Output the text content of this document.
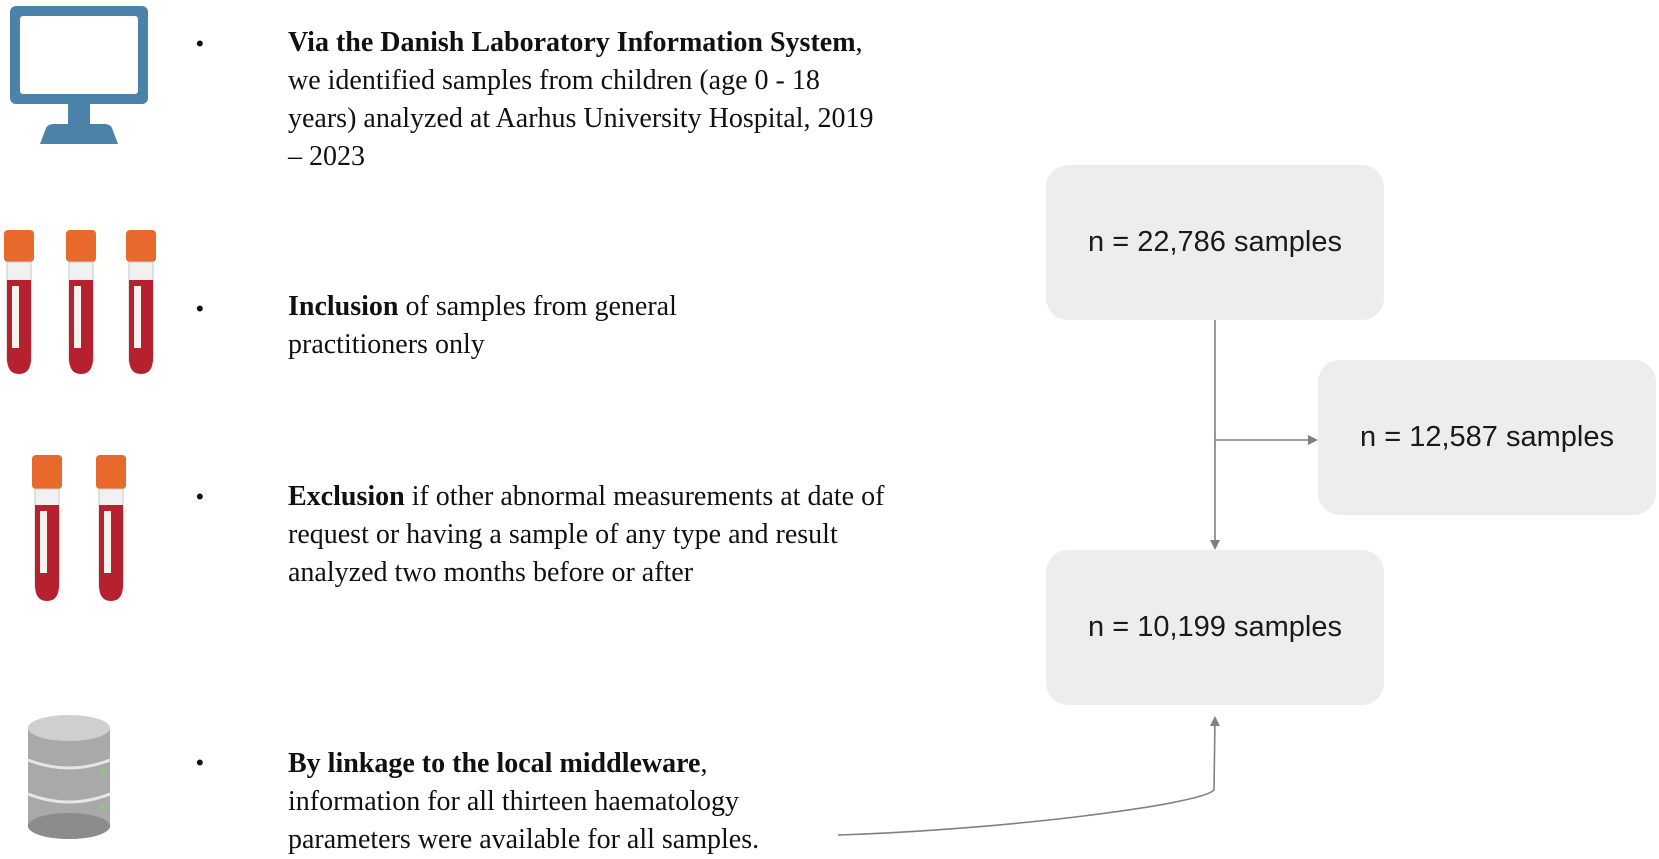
•
•
•
•

Via the Danish Laboratory Information System, we identified samples from children (age 0 - 18 years) analyzed at Aarhus University Hospital, 2019 – 2023

Inclusion of samples from general practitioners only

Exclusion if other abnormal measurements at date of request or having a sample of any type and result analyzed two months before or after

By linkage to the local middleware, information for all thirteen haematology parameters were available for all samples.

n = 22,786 samples
n = 12,587 samples
n = 10,199 samples
